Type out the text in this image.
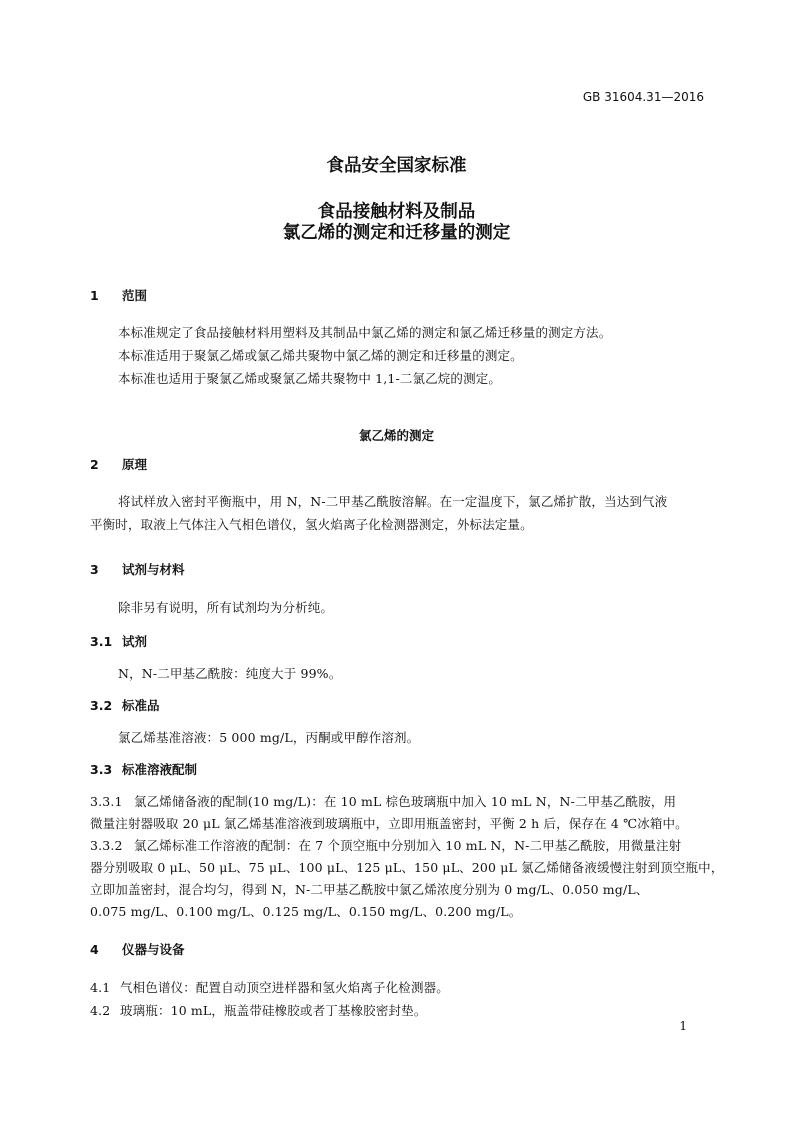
GB 31604.31—2016
食品安全国家标准
食品接触材料及制品
氯乙烯的测定和迁移量的测定
1 范围
本标准规定了食品接触材料用塑料及其制品中氯乙烯的测定和氯乙烯迁移量的测定方法。
本标准适用于聚氯乙烯或氯乙烯共聚物中氯乙烯的测定和迁移量的测定。
本标准也适用于聚氯乙烯或聚氯乙烯共聚物中 1,1-二氯乙烷的测定。
氯乙烯的测定
2 原理
将试样放入密封平衡瓶中，用 N，N-二甲基乙酰胺溶解。在一定温度下，氯乙烯扩散，当达到气液
平衡时，取液上气体注入气相色谱仪，氢火焰离子化检测器测定，外标法定量。
3 试剂与材料
除非另有说明，所有试剂均为分析纯。
3.1 试剂
N，N-二甲基乙酰胺：纯度大于 99%。
3.2 标准品
氯乙烯基准溶液：5 000 mg/L，丙酮或甲醇作溶剂。
3.3 标准溶液配制
3.3.1 氯乙烯储备液的配制(10 mg/L)：在 10 mL 棕色玻璃瓶中加入 10 mL N，N-二甲基乙酰胺，用
微量注射器吸取 20 μL 氯乙烯基准溶液到玻璃瓶中，立即用瓶盖密封，平衡 2 h 后，保存在 4 ℃冰箱中。
3.3.2 氯乙烯标准工作溶液的配制：在 7 个顶空瓶中分别加入 10 mL N，N-二甲基乙酰胺，用微量注射
器分别吸取 0 μL、50 μL、75 μL、100 μL、125 μL、150 μL、200 μL 氯乙烯储备液缓慢注射到顶空瓶中，
立即加盖密封，混合均匀，得到 N，N-二甲基乙酰胺中氯乙烯浓度分别为 0 mg/L、0.050 mg/L、
0.075 mg/L、0.100 mg/L、0.125 mg/L、0.150 mg/L、0.200 mg/L。
4 仪器与设备
4.1 气相色谱仪：配置自动顶空进样器和氢火焰离子化检测器。
4.2 玻璃瓶：10 mL，瓶盖带硅橡胶或者丁基橡胶密封垫。
1
